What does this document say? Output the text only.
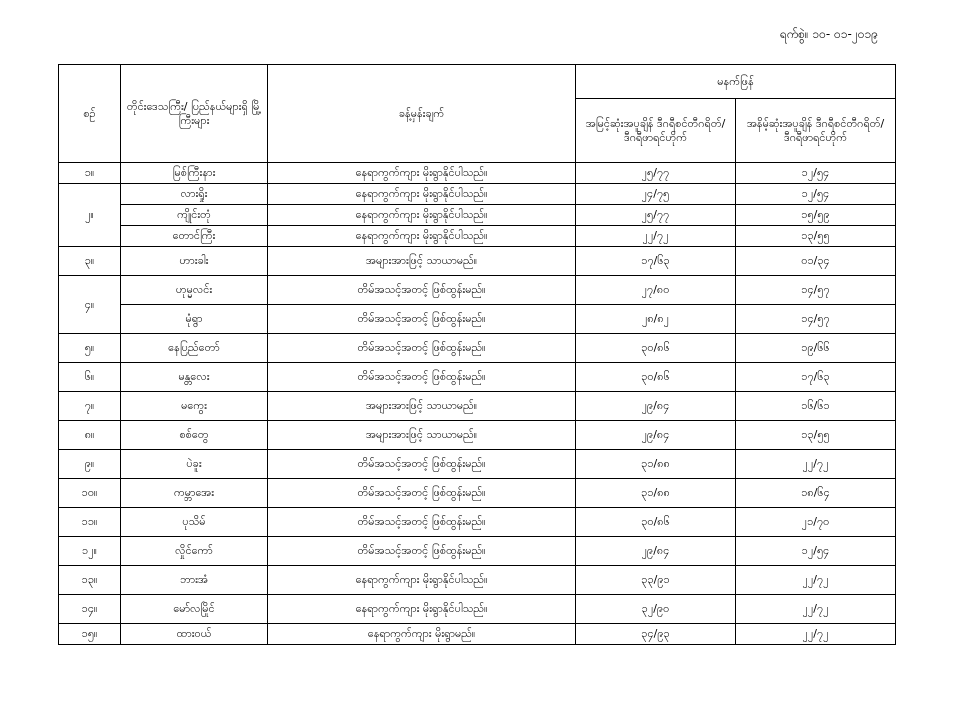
ရက်စွဲ။ ၁၀- ၀၁-၂၀၁၉
စဉ်	တိုင်းဒေသကြီး/ ပြည်နယ်များရှိ မြို့ကြီးများ	ခန့်မှန်းချက်	မနက်ဖြန်	
			အမြင့်ဆုံးအပူချိန် ဒီဂရီစင်တီဂရိတ်/ ဒီဂရီဖာရင်ဟိုက်	အနိမ့်ဆုံးအပူချိန် ဒီဂရီစင်တီဂရိတ်/ ဒီဂရီဖာရင်ဟိုက်
၁။	မြစ်ကြီးနား	နေရာကွက်ကျား မိုးရွာနိုင်ပါသည်။	၂၅/၇၇	၁၂/၅၄
၂။	လားရှိုး	နေရာကွက်ကျား မိုးရွာနိုင်ပါသည်။	၂၄/၇၅	၁၂/၅၄
	ကျိုင်းတုံ	နေရာကွက်ကျား မိုးရွာနိုင်ပါသည်။	၂၅/၇၇	၁၅/၅၉
	တောင်ကြီး	နေရာကွက်ကျား မိုးရွာနိုင်ပါသည်။	၂၂/၇၂	၁၃/၅၅
၃။	ဟားခါး	အများအားဖြင့် သာယာမည်။	၁၇/၆၃	၀၁/၃၄
၄။	ဟုမ္မလင်း	တိမ်အသင့်အတင့် ဖြစ်ထွန်းမည်။	၂၇/၈၀	၁၄/၅၇
	မုံရွာ	တိမ်အသင့်အတင့် ဖြစ်ထွန်းမည်။	၂၈/၈၂	၁၄/၅၇
၅။	နေပြည်တော်	တိမ်အသင့်အတင့် ဖြစ်ထွန်းမည်။	၃၀/၈၆	၁၉/၆၆
၆။	မန္တလေး	တိမ်အသင့်အတင့် ဖြစ်ထွန်းမည်။	၃၀/၈၆	၁၇/၆၃
၇။	မကွေး	အများအားဖြင့် သာယာမည်။	၂၉/၈၄	၁၆/၆၁
၈။	စစ်တွေ	အများအားဖြင့် သာယာမည်။	၂၉/၈၄	၁၃/၅၅
၉။	ပဲခူး	တိမ်အသင့်အတင့် ဖြစ်ထွန်းမည်။	၃၁/၈၈	၂၂/၇၂
၁၀။	ကမ္ဘာအေး	တိမ်အသင့်အတင့် ဖြစ်ထွန်းမည်။	၃၁/၈၈	၁၈/၆၄
၁၁။	ပုသိမ်	တိမ်အသင့်အတင့် ဖြစ်ထွန်းမည်။	၃၀/၈၆	၂၁/၇၀
၁၂။	လှိုင်ကော်	တိမ်အသင့်အတင့် ဖြစ်ထွန်းမည်။	၂၉/၈၄	၁၂/၅၄
၁၃။	ဘားအံ	နေရာကွက်ကျား မိုးရွာနိုင်ပါသည်။	၃၃/၉၁	၂၂/၇၂
၁၄။	မော်လမြိုင်	နေရာကွက်ကျား မိုးရွာနိုင်ပါသည်။	၃၂/၉၀	၂၂/၇၂
၁၅။	ထားဝယ်	နေရာကွက်ကျား မိုးရွာမည်။	၃၄/၉၃	၂၂/၇၂
